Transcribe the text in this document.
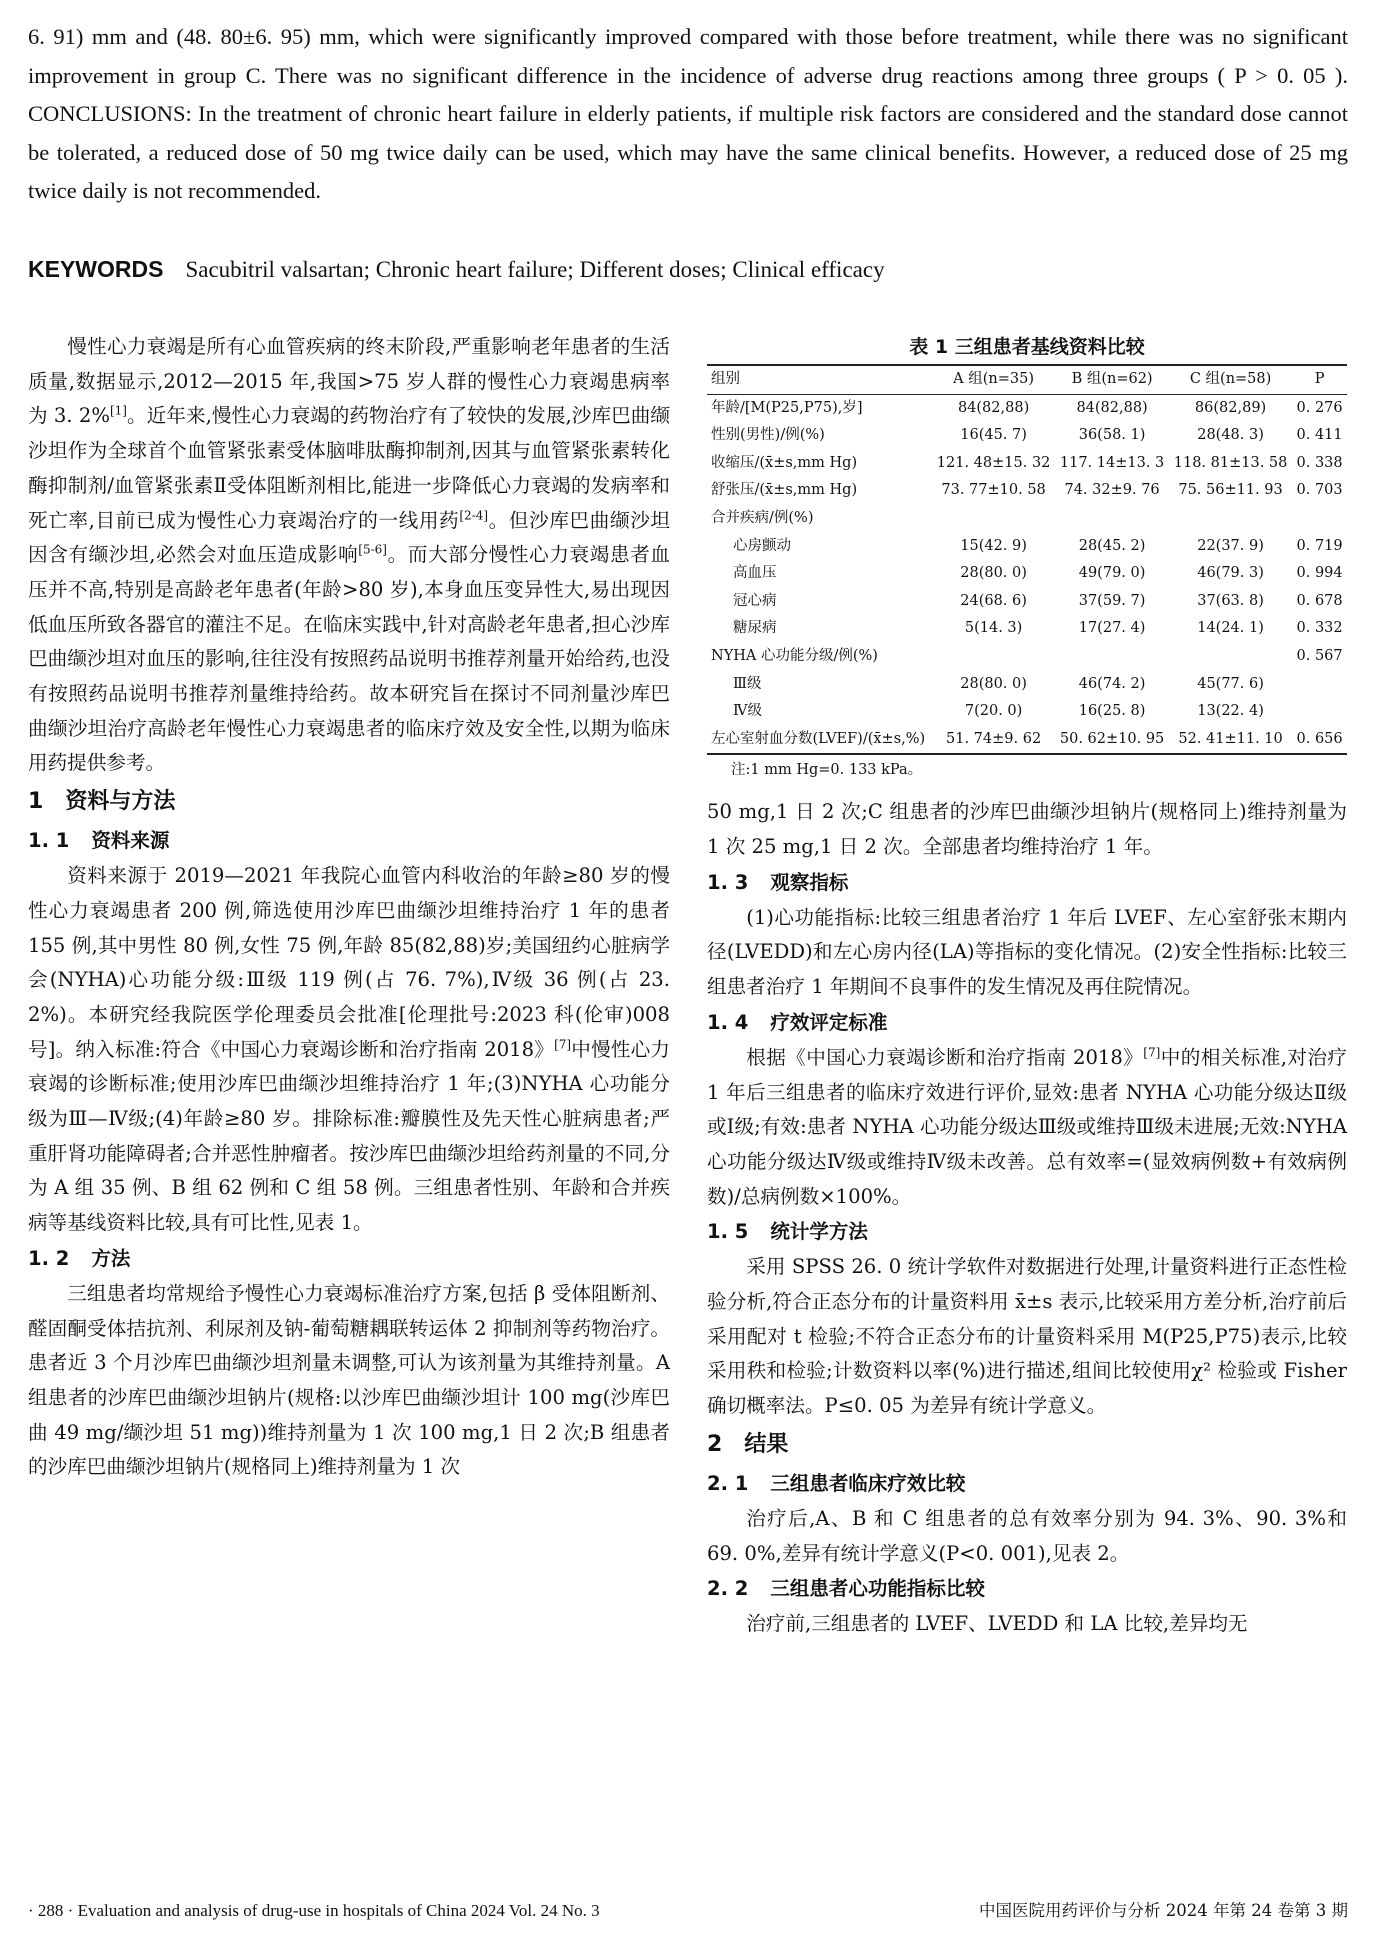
6. 91) mm and (48. 80±6. 95) mm, which were significantly improved compared with those before treatment, while there was no significant improvement in group C. There was no significant difference in the incidence of adverse drug reactions among three groups ( P > 0. 05 ). CONCLUSIONS: In the treatment of chronic heart failure in elderly patients, if multiple risk factors are considered and the standard dose cannot be tolerated, a reduced dose of 50 mg twice daily can be used, which may have the same clinical benefits. However, a reduced dose of 25 mg twice daily is not recommended.

KEYWORDS Sacubitril valsartan; Chronic heart failure; Different doses; Clinical efficacy

慢性心力衰竭是所有心血管疾病的终末阶段,严重影响老年患者的生活质量,数据显示,2012—2015 年,我国>75 岁人群的慢性心力衰竭患病率为 3. 2%[1]。近年来,慢性心力衰竭的药物治疗有了较快的发展,沙库巴曲缬沙坦作为全球首个血管紧张素受体脑啡肽酶抑制剂,因其与血管紧张素转化酶抑制剂/血管紧张素Ⅱ受体阻断剂相比,能进一步降低心力衰竭的发病率和死亡率,目前已成为慢性心力衰竭治疗的一线用药[2-4]。但沙库巴曲缬沙坦因含有缬沙坦,必然会对血压造成影响[5-6]。而大部分慢性心力衰竭患者血压并不高,特别是高龄老年患者(年龄>80 岁),本身血压变异性大,易出现因低血压所致各器官的灌注不足。在临床实践中,针对高龄老年患者,担心沙库巴曲缬沙坦对血压的影响,往往没有按照药品说明书推荐剂量开始给药,也没有按照药品说明书推荐剂量维持给药。故本研究旨在探讨不同剂量沙库巴曲缬沙坦治疗高龄老年慢性心力衰竭患者的临床疗效及安全性,以期为临床用药提供参考。

1 资料与方法

1. 1 资料来源

资料来源于 2019—2021 年我院心血管内科收治的年龄≥80 岁的慢性心力衰竭患者 200 例,筛选使用沙库巴曲缬沙坦维持治疗 1 年的患者 155 例,其中男性 80 例,女性 75 例,年龄 85(82,88)岁;美国纽约心脏病学会(NYHA)心功能分级:Ⅲ级 119 例(占 76. 7%),Ⅳ级 36 例(占 23. 2%)。本研究经我院医学伦理委员会批准[伦理批号:2023 科(伦审)008 号]。纳入标准:符合《中国心力衰竭诊断和治疗指南 2018》[7]中慢性心力衰竭的诊断标准;使用沙库巴曲缬沙坦维持治疗 1 年;(3)NYHA 心功能分级为Ⅲ—Ⅳ级;(4)年龄≥80 岁。排除标准:瓣膜性及先天性心脏病患者;严重肝肾功能障碍者;合并恶性肿瘤者。按沙库巴曲缬沙坦给药剂量的不同,分为 A 组 35 例、B 组 62 例和 C 组 58 例。三组患者性别、年龄和合并疾病等基线资料比较,具有可比性,见表 1。

1. 2 方法

三组患者均常规给予慢性心力衰竭标准治疗方案,包括 β 受体阻断剂、醛固酮受体拮抗剂、利尿剂及钠-葡萄糖耦联转运体 2 抑制剂等药物治疗。患者近 3 个月沙库巴曲缬沙坦剂量未调整,可认为该剂量为其维持剂量。A 组患者的沙库巴曲缬沙坦钠片(规格:以沙库巴曲缬沙坦计 100 mg(沙库巴曲 49 mg/缬沙坦 51 mg))维持剂量为 1 次 100 mg,1 日 2 次;B 组患者的沙库巴曲缬沙坦钠片(规格同上)维持剂量为 1 次

表 1 三组患者基线资料比较

组别	A 组(n=35)	B 组(n=62)	C 组(n=58)	P
年龄/[M(P25,P75),岁]	84(82,88)	84(82,88)	86(82,89)	0. 276
性别(男性)/例(%)	16(45. 7)	36(58. 1)	28(48. 3)	0. 411
收缩压/(x̄±s,mm Hg)	121. 48±15. 32	117. 14±13. 3	118. 81±13. 58	0. 338
舒张压/(x̄±s,mm Hg)	73. 77±10. 58	74. 32±9. 76	75. 56±11. 93	0. 703
合并疾病/例(%)				
心房颤动	15(42. 9)	28(45. 2)	22(37. 9)	0. 719
高血压	28(80. 0)	49(79. 0)	46(79. 3)	0. 994
冠心病	24(68. 6)	37(59. 7)	37(63. 8)	0. 678
糖尿病	5(14. 3)	17(27. 4)	14(24. 1)	0. 332
NYHA 心功能分级/例(%)				0. 567
Ⅲ级	28(80. 0)	46(74. 2)	45(77. 6)	
Ⅳ级	7(20. 0)	16(25. 8)	13(22. 4)	
左心室射血分数(LVEF)/(x̄±s,%)	51. 74±9. 62	50. 62±10. 95	52. 41±11. 10	0. 656

注:1 mm Hg=0. 133 kPa。

50 mg,1 日 2 次;C 组患者的沙库巴曲缬沙坦钠片(规格同上)维持剂量为 1 次 25 mg,1 日 2 次。全部患者均维持治疗 1 年。

1. 3 观察指标

(1)心功能指标:比较三组患者治疗 1 年后 LVEF、左心室舒张末期内径(LVEDD)和左心房内径(LA)等指标的变化情况。(2)安全性指标:比较三组患者治疗 1 年期间不良事件的发生情况及再住院情况。

1. 4 疗效评定标准

根据《中国心力衰竭诊断和治疗指南 2018》[7]中的相关标准,对治疗 1 年后三组患者的临床疗效进行评价,显效:患者 NYHA 心功能分级达Ⅱ级或Ⅰ级;有效:患者 NYHA 心功能分级达Ⅲ级或维持Ⅲ级未进展;无效:NYHA 心功能分级达Ⅳ级或维持Ⅳ级未改善。总有效率=(显效病例数+有效病例数)/总病例数×100%。

1. 5 统计学方法

采用 SPSS 26. 0 统计学软件对数据进行处理,计量资料进行正态性检验分析,符合正态分布的计量资料用 x̄±s 表示,比较采用方差分析,治疗前后采用配对 t 检验;不符合正态分布的计量资料采用 M(P25,P75)表示,比较采用秩和检验;计数资料以率(%)进行描述,组间比较使用χ² 检验或 Fisher 确切概率法。P≤0. 05 为差异有统计学意义。

2 结果

2. 1 三组患者临床疗效比较

治疗后,A、B 和 C 组患者的总有效率分别为 94. 3%、90. 3%和 69. 0%,差异有统计学意义(P<0. 001),见表 2。

2. 2 三组患者心功能指标比较

治疗前,三组患者的 LVEF、LVEDD 和 LA 比较,差异均无

· 288 · Evaluation and analysis of drug-use in hospitals of China 2024 Vol. 24 No. 3	中国医院用药评价与分析 2024 年第 24 卷第 3 期
